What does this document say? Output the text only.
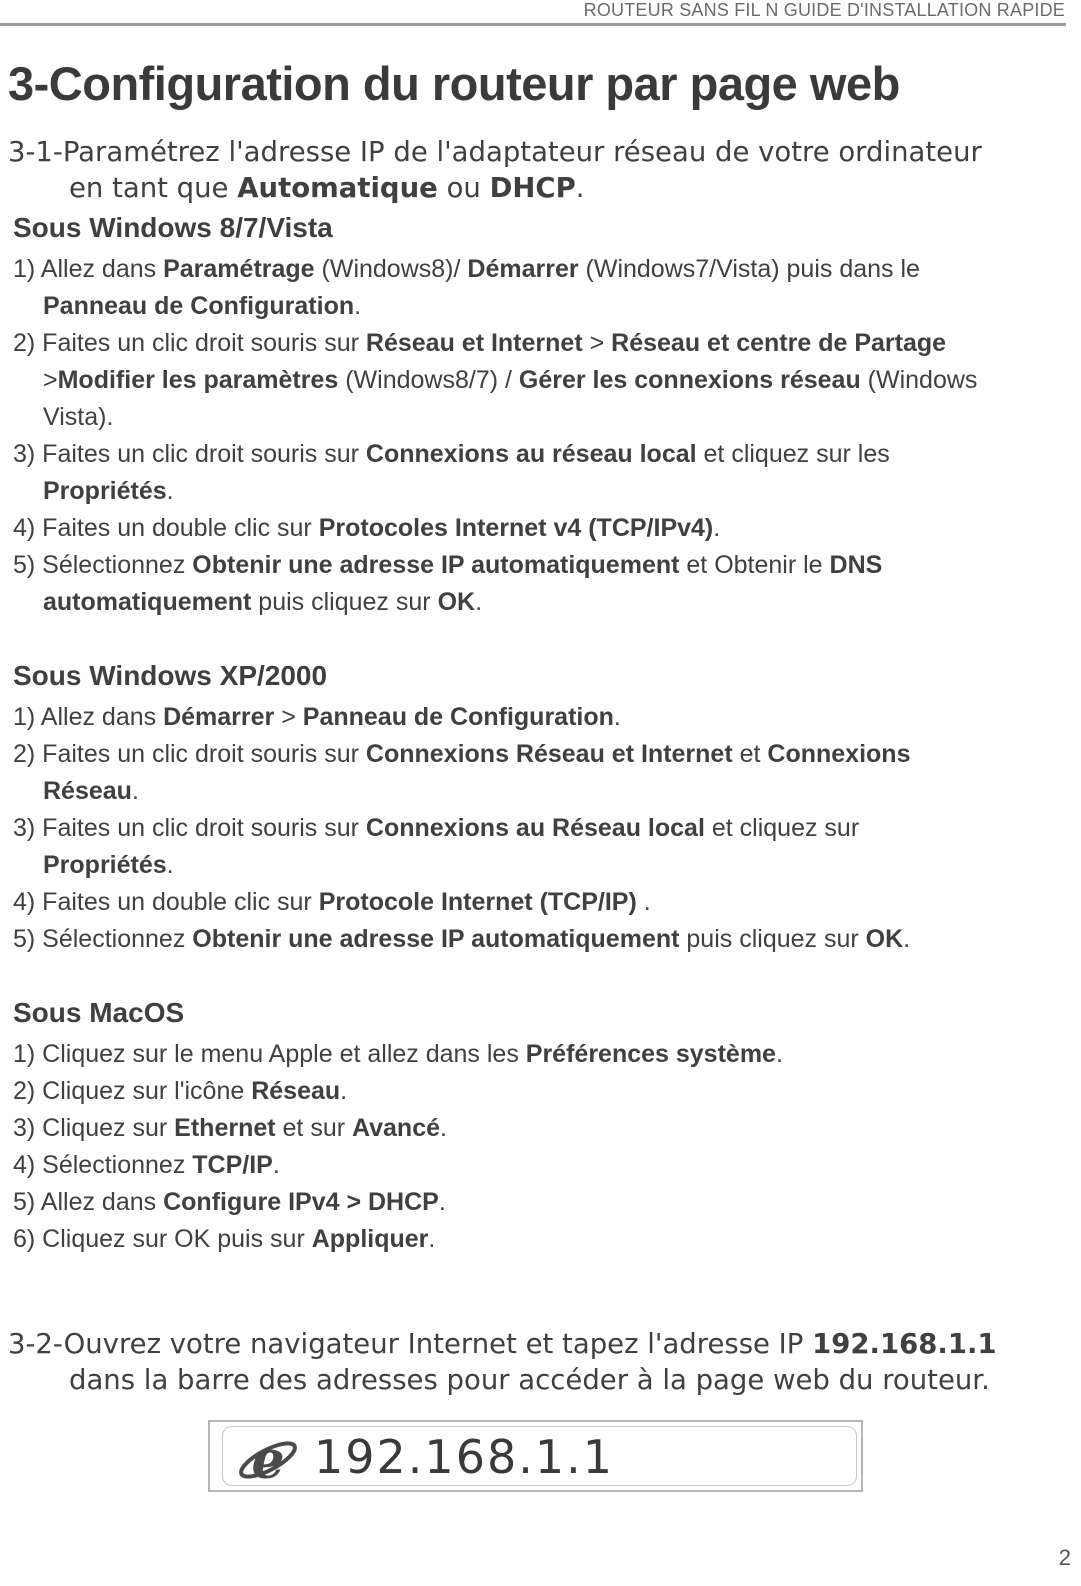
ROUTEUR SANS FIL N GUIDE D'INSTALLATION RAPIDE
3-Configuration du routeur par page web

3-1-Paramétrez l'adresse IP de l'adaptateur réseau de votre ordinateur
en tant que Automatique ou DHCP.

Sous Windows 8/7/Vista
1) Allez dans Paramétrage (Windows8)/ Démarrer (Windows7/Vista) puis dans le
Panneau de Configuration.
2) Faites un clic droit souris sur Réseau et Internet > Réseau et centre de Partage
>Modifier les paramètres (Windows8/7) / Gérer les connexions réseau (Windows
Vista).
3) Faites un clic droit souris sur Connexions au réseau local et cliquez sur les
Propriétés.
4) Faites un double clic sur Protocoles Internet v4 (TCP/IPv4).
5) Sélectionnez Obtenir une adresse IP automatiquement et Obtenir le DNS
automatiquement puis cliquez sur OK.
Sous Windows XP/2000
1) Allez dans Démarrer > Panneau de Configuration.
2) Faites un clic droit souris sur Connexions Réseau et Internet et Connexions
Réseau.
3) Faites un clic droit souris sur Connexions au Réseau local et cliquez sur
Propriétés.
4) Faites un double clic sur Protocole Internet (TCP/IP) .
5) Sélectionnez Obtenir une adresse IP automatiquement puis cliquez sur OK.
Sous MacOS
1) Cliquez sur le menu Apple et allez dans les Préférences système.
2) Cliquez sur l'icône Réseau.
3) Cliquez sur Ethernet et sur Avancé.
4) Sélectionnez TCP/IP.
5) Allez dans Configure IPv4 > DHCP.
6) Cliquez sur OK puis sur Appliquer.

3-2-Ouvrez votre navigateur Internet et tapez l'adresse IP 192.168.1.1
dans la barre des adresses pour accéder à la page web du routeur.

e 192.168.1.1
2
